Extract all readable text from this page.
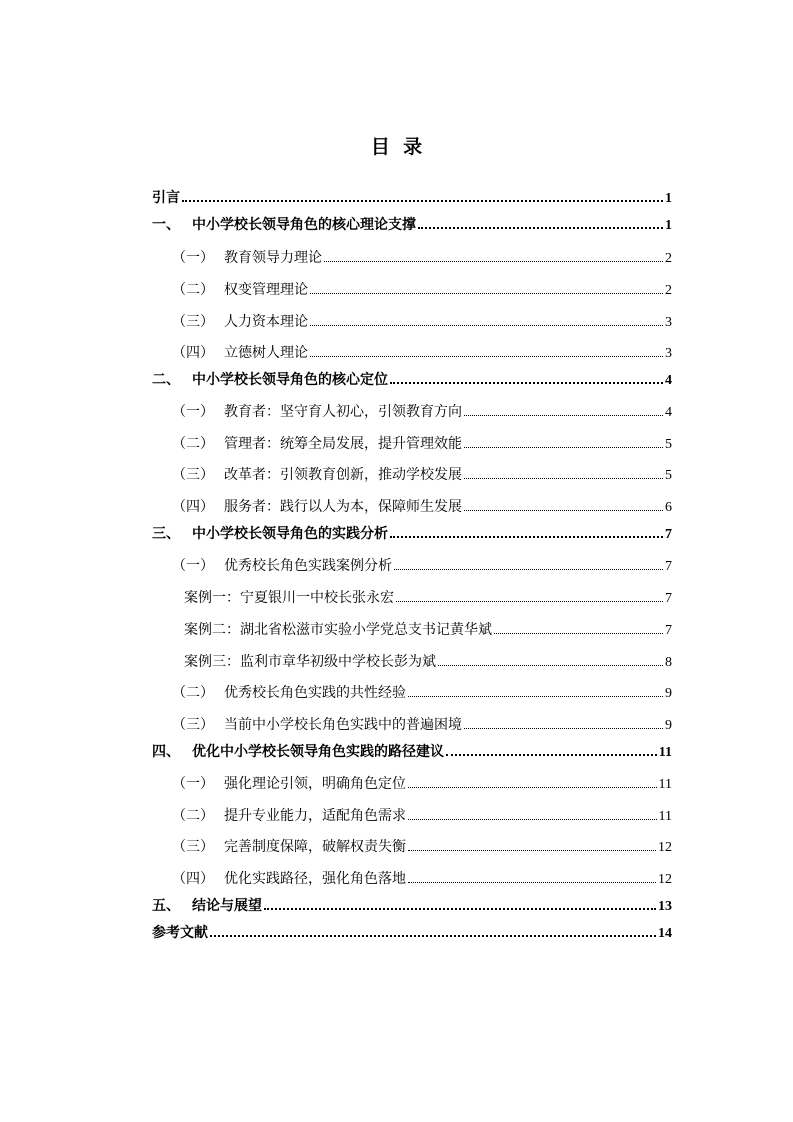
目  录
引言	1
一、 中小学校长领导角色的核心理论支撑	1
（一） 教育领导力理论	2
（二） 权变管理理论	2
（三） 人力资本理论	3
（四） 立德树人理论	3
二、 中小学校长领导角色的核心定位	4
（一） 教育者：坚守育人初心，引领教育方向	4
（二） 管理者：统筹全局发展，提升管理效能	5
（三） 改革者：引领教育创新，推动学校发展	5
（四） 服务者：践行以人为本，保障师生发展	6
三、 中小学校长领导角色的实践分析	7
（一） 优秀校长角色实践案例分析	7
案例一：宁夏银川一中校长张永宏	7
案例二：湖北省松滋市实验小学党总支书记黄华斌	7
案例三：监利市章华初级中学校长彭为斌	8
（二） 优秀校长角色实践的共性经验	9
（三） 当前中小学校长角色实践中的普遍困境	9
四、 优化中小学校长领导角色实践的路径建议	11
（一） 强化理论引领，明确角色定位	11
（二） 提升专业能力，适配角色需求	11
（三） 完善制度保障，破解权责失衡	12
（四） 优化实践路径，强化角色落地	12
五、 结论与展望	13
参考文献	14
